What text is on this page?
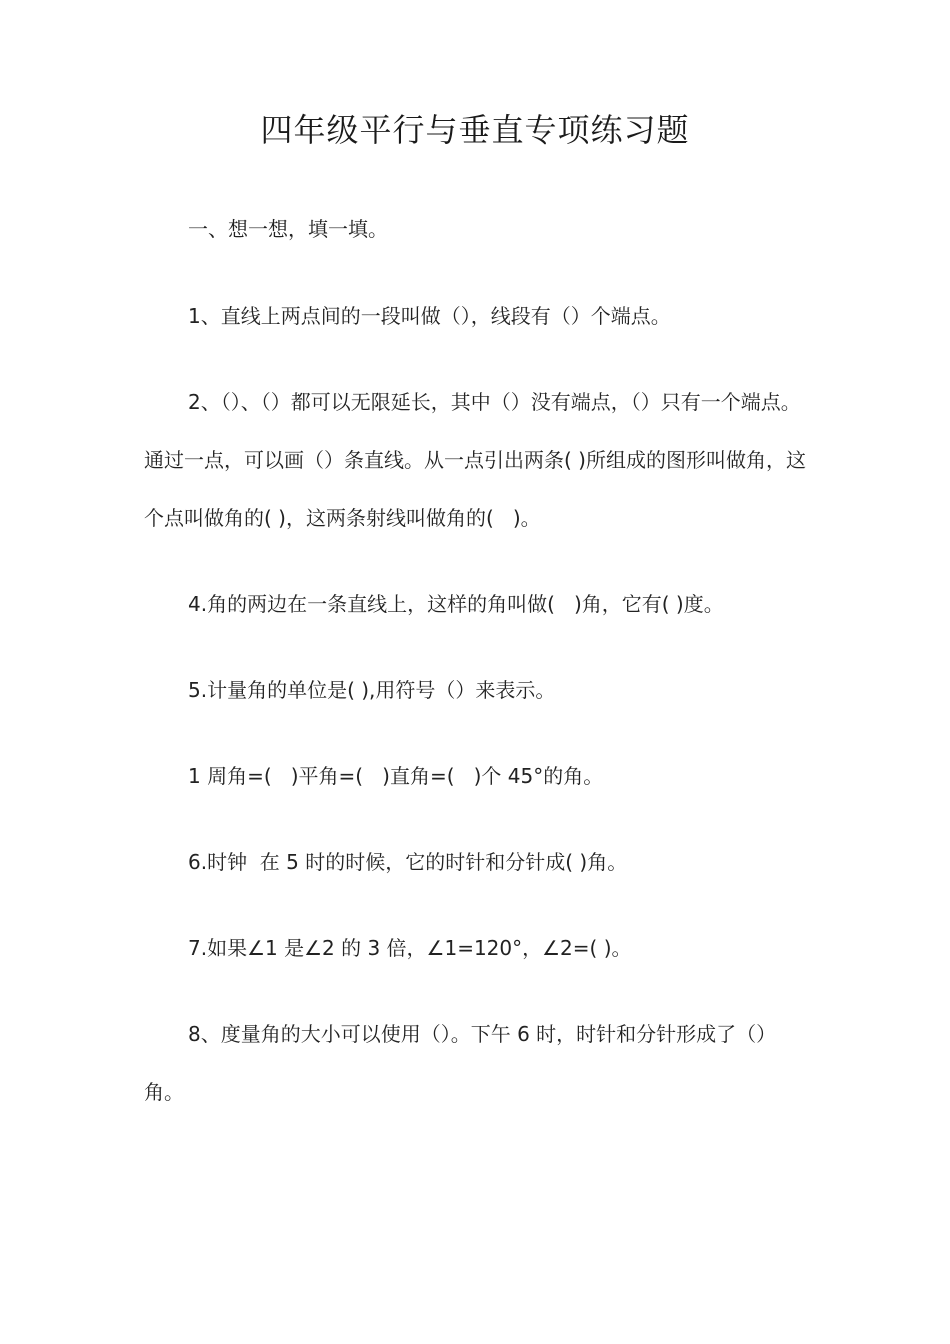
四年级平行与垂直专项练习题
一、想一想，填一填。
1、直线上两点间的一段叫做（），线段有（）个端点。
2、（）、（）都可以无限延长，其中（）没有端点，（）只有一个端点。通过一点，可以画（）条直线。从一点引出两条( )所组成的图形叫做角，这个点叫做角的( )，这两条射线叫做角的(   )。
4.角的两边在一条直线上，这样的角叫做(   )角，它有( )度。
5.计量角的单位是( ),用符号（）来表示。
1 周角=(   )平角=(   )直角=(   )个 45°的角。
6.时钟  在 5 时的时候，它的时针和分针成( )角。
7.如果∠1 是∠2 的 3 倍，∠1=120°，∠2=( )。
8、度量角的大小可以使用（）。下午 6 时，时针和分针形成了（）角。
